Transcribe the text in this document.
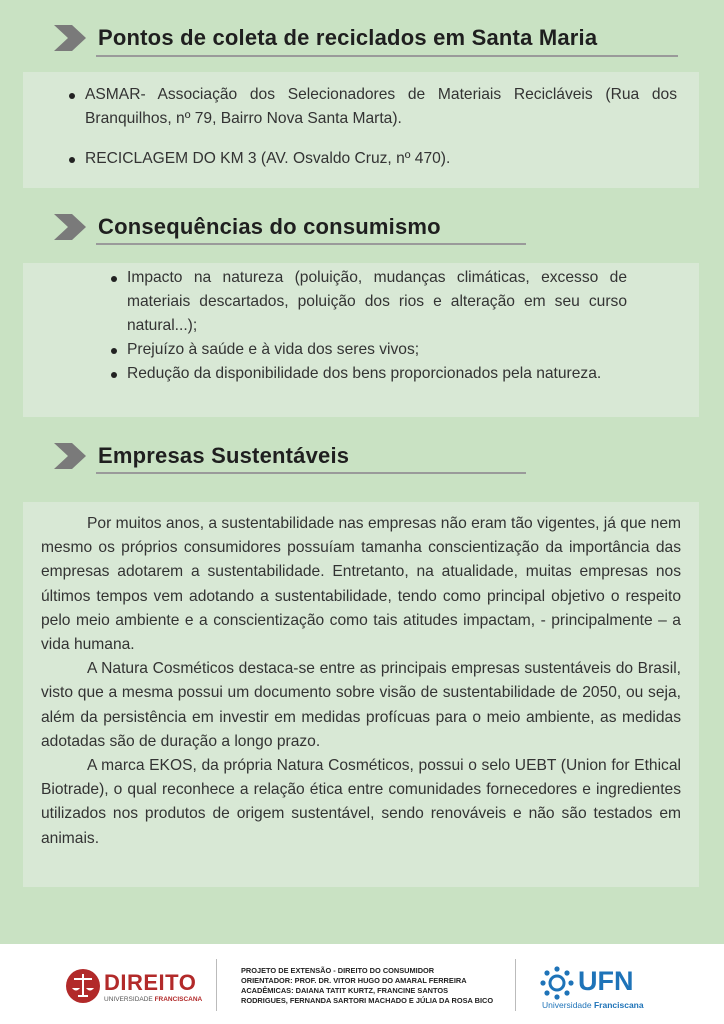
Pontos de coleta de reciclados em Santa Maria
ASMAR- Associação dos Selecionadores de Materiais Recicláveis (Rua dos Branquilhos, nº 79, Bairro Nova Santa Marta).
RECICLAGEM DO KM 3 (AV. Osvaldo Cruz, nº 470).
Consequências do consumismo
Impacto na natureza (poluição, mudanças climáticas, excesso de materiais descartados, poluição dos rios e alteração em seu curso natural...);
Prejuízo à saúde e à vida dos seres vivos;
Redução da disponibilidade dos bens proporcionados pela natureza.
Empresas Sustentáveis

Por muitos anos, a sustentabilidade nas empresas não eram tão vigentes, já que nem mesmo os próprios consumidores possuíam tamanha conscientização da importância das empresas adotarem a sustentabilidade. Entretanto, na atualidade, muitas empresas nos últimos tempos vem adotando a sustentabilidade, tendo como principal objetivo o respeito pelo meio ambiente e a conscientização como tais atitudes impactam, - principalmente – a vida humana.

A Natura Cosméticos destaca-se entre as principais empresas sustentáveis do Brasil, visto que a mesma possui um documento sobre visão de sustentabilidade de 2050, ou seja, além da persistência em investir em medidas profícuas para o meio ambiente, as medidas adotadas são de duração a longo prazo.

A marca EKOS, da própria Natura Cosméticos, possui o selo UEBT (Union for Ethical Biotrade), o qual reconhece a relação ética entre comunidades fornecedores e ingredientes utilizados nos produtos de origem sustentável, sendo renováveis e não são testados em animais.

DIREITO
UNIVERSIDADE FRANCISCANA
PROJETO DE EXTENSÃO - DIREITO DO CONSUMIDOR
ORIENTADOR: PROF. DR. VITOR HUGO DO AMARAL FERREIRA
ACADÊMICAS: DAIANA TATIT KURTZ, FRANCINE SANTOS
RODRIGUES, FERNANDA SARTORI MACHADO E JÚLIA DA ROSA BICO
UFN
Universidade Franciscana
